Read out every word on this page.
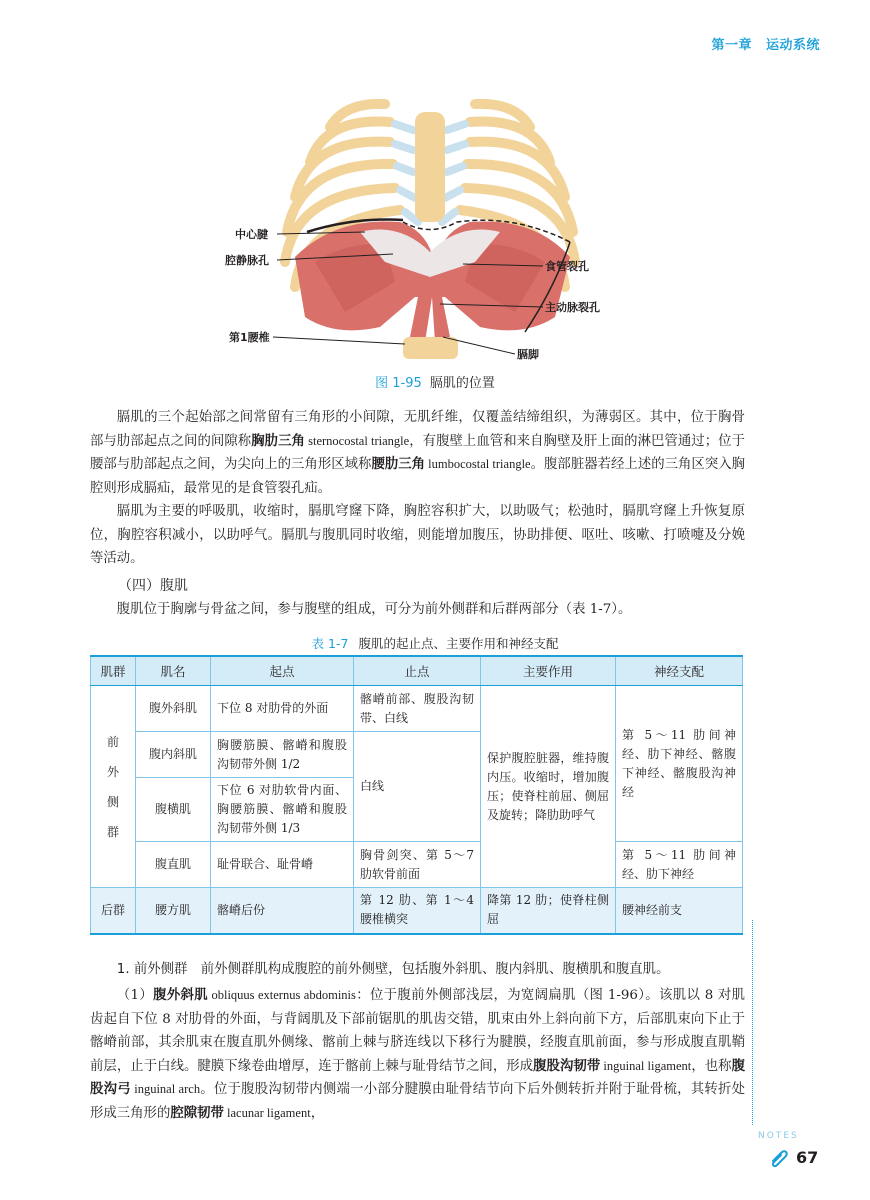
第一章 运动系统
中心腱
腔静脉孔	食管裂孔
主动脉裂孔
第1腰椎
膈脚
图 1-95 膈肌的位置

膈肌的三个起始部之间常留有三角形的小间隙，无肌纤维，仅覆盖结缔组织，为薄弱区。其中，位于胸骨部与肋部起点之间的间隙称胸肋三角 sternocostal triangle，有腹壁上血管和来自胸壁及肝上面的淋巴管通过；位于腰部与肋部起点之间，为尖向上的三角形区域称腰肋三角 lumbocostal triangle。腹部脏器若经上述的三角区突入胸腔则形成膈疝，最常见的是食管裂孔疝。

膈肌为主要的呼吸肌，收缩时，膈肌穹窿下降，胸腔容积扩大，以助吸气；松弛时，膈肌穹窿上升恢复原位，胸腔容积减小，以助呼气。膈肌与腹肌同时收缩，则能增加腹压，协助排便、呕吐、咳嗽、打喷嚏及分娩等活动。

（四）腹肌

腹肌位于胸廓与骨盆之间，参与腹壁的组成，可分为前外侧群和后群两部分（表 1-7）。

表 1-7 腹肌的起止点、主要作用和神经支配
肌群	肌名	起点	止点	主要作用	神经支配
前外侧群	腹外斜肌	下位 8 对肋骨的外面	髂嵴前部、腹股沟韧带、白线	保护腹腔脏器，维持腹内压。收缩时，增加腹压；使脊柱前屈、侧屈及旋转；降肋助呼气	第 5～11 肋间神经、肋下神经、髂腹下神经、髂腹股沟神经
	腹内斜肌	胸腰筋膜、髂嵴和腹股沟韧带外侧 1/2	白线		
	腹横肌	下位 6 对肋软骨内面、胸腰筋膜、髂嵴和腹股沟韧带外侧 1/3			
	腹直肌	耻骨联合、耻骨嵴	胸骨剑突、第 5～7 肋软骨前面		第 5～11 肋间神经、肋下神经
后群	腰方肌	髂嵴后份	第 12 肋、第 1～4 腰椎横突	降第 12 肋；使脊柱侧屈	腰神经前支

1. 前外侧群　前外侧群肌构成腹腔的前外侧壁，包括腹外斜肌、腹内斜肌、腹横肌和腹直肌。

（1）腹外斜肌 obliquus externus abdominis：位于腹前外侧部浅层，为宽阔扁肌（图 1-96）。该肌以 8 对肌齿起自下位 8 对肋骨的外面，与背阔肌及下部前锯肌的肌齿交错，肌束由外上斜向前下方，后部肌束向下止于髂嵴前部，其余肌束在腹直肌外侧缘、髂前上棘与脐连线以下移行为腱膜，经腹直肌前面，参与形成腹直肌鞘前层，止于白线。腱膜下缘卷曲增厚，连于髂前上棘与耻骨结节之间，形成腹股沟韧带 inguinal ligament，也称腹股沟弓 inguinal arch。位于腹股沟韧带内侧端一小部分腱膜由耻骨结节向下后外侧转折并附于耻骨梳，其转折处形成三角形的腔隙韧带 lacunar ligament，

NOTES
67
